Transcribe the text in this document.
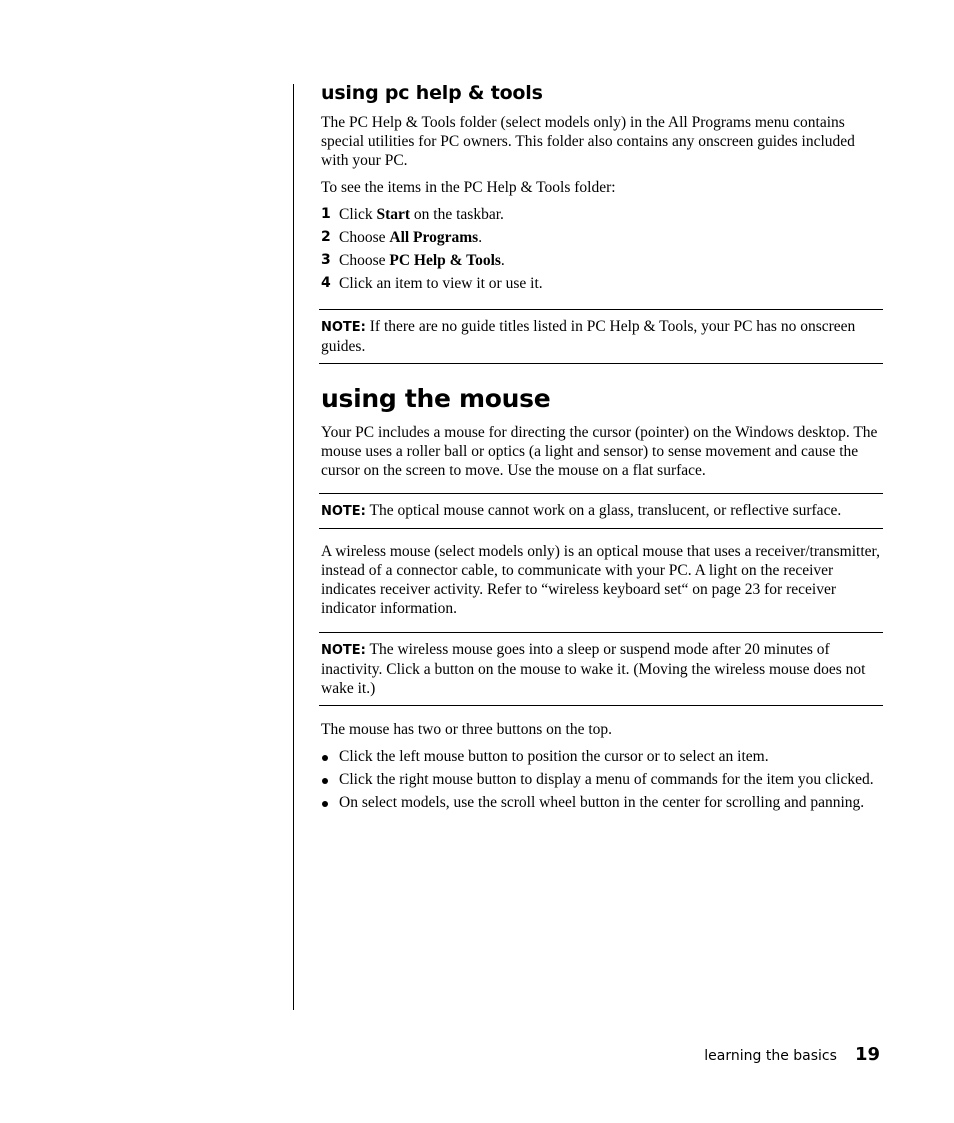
using pc help & tools

The PC Help & Tools folder (select models only) in the All Programs menu contains special utilities for PC owners. This folder also contains any onscreen guides included with your PC.

To see the items in the PC Help & Tools folder:

1 Click Start on the taskbar.
2 Choose All Programs.
3 Choose PC Help & Tools.
4 Click an item to view it or use it.

NOTE: If there are no guide titles listed in PC Help & Tools, your PC has no onscreen guides.

using the mouse

Your PC includes a mouse for directing the cursor (pointer) on the Windows desktop. The mouse uses a roller ball or optics (a light and sensor) to sense movement and cause the cursor on the screen to move. Use the mouse on a flat surface.

NOTE: The optical mouse cannot work on a glass, translucent, or reflective surface.

A wireless mouse (select models only) is an optical mouse that uses a receiver/transmitter, instead of a connector cable, to communicate with your PC. A light on the receiver indicates receiver activity. Refer to “wireless keyboard set“ on page 23 for receiver indicator information.

NOTE: The wireless mouse goes into a sleep or suspend mode after 20 minutes of inactivity. Click a button on the mouse to wake it. (Moving the wireless mouse does not wake it.)

The mouse has two or three buttons on the top.

Click the left mouse button to position the cursor or to select an item.
Click the right mouse button to display a menu of commands for the item you clicked.
On select models, use the scroll wheel button in the center for scrolling and panning.
learning the basics 19
